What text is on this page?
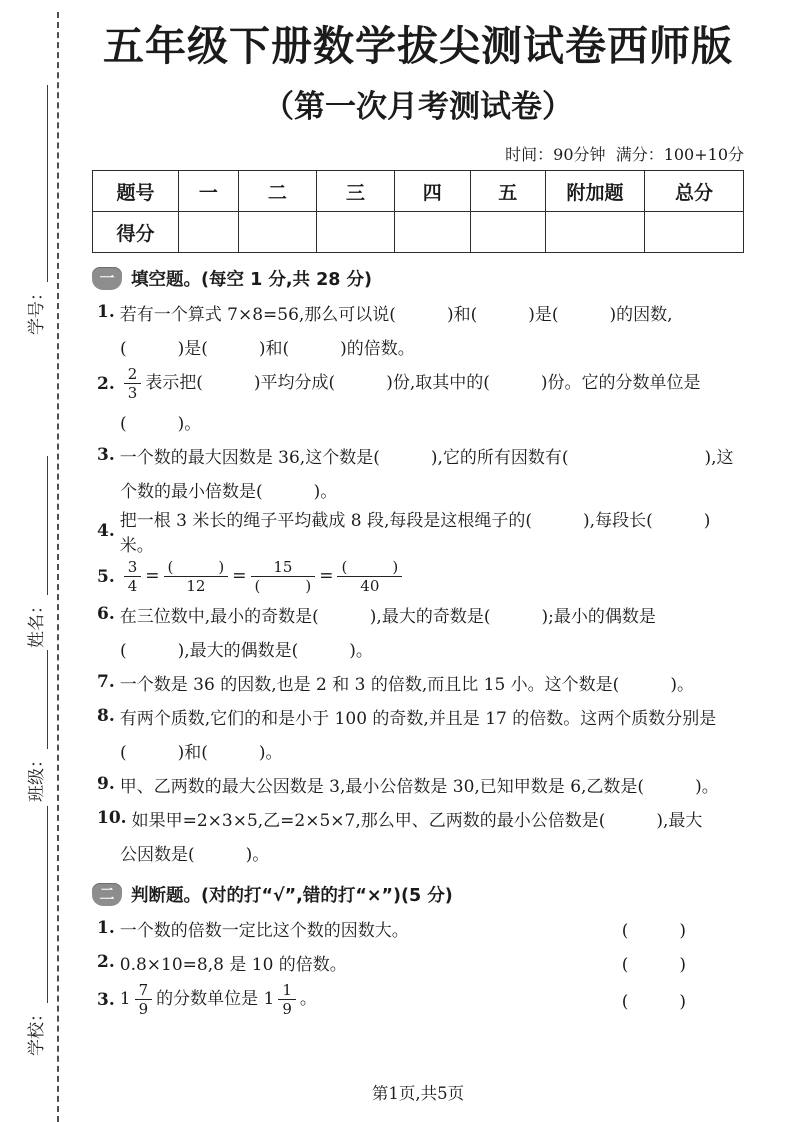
学号：
姓名：
班级：
学校：
五年级下册数学拔尖测试卷西师版
（第一次月考测试卷）
时间：90分钟  满分：100+10分
题号	一	二	三	四	五	附加题	总分
得分							
一 填空题。(每空 1 分,共 28 分)
1. 若有一个算式 7×8=56,那么可以说(　　　)和(　　　)是(　　　)的因数,
(　　　)是(　　　)和(　　　)的倍数。
2. $\frac{2}{3}$ 表示把(　　　)平均分成(　　　)份,取其中的(　　　)份。它的分数单位是
(　　　)。
3. 一个数的最大因数是 36,这个数是(　　　),它的所有因数有(　　　　　　　　),这
个数的最小倍数是(　　　)。
4. 把一根 3 米长的绳子平均截成 8 段,每段是这根绳子的(　　　),每段长(　　　)米。
5. $\frac{3}{4} = \frac{( )}{12} = \frac{15}{( )} = \frac{( )}{40}$
6. 在三位数中,最小的奇数是(　　　),最大的奇数是(　　　);最小的偶数是
(　　　),最大的偶数是(　　　)。
7. 一个数是 36 的因数,也是 2 和 3 的倍数,而且比 15 小。这个数是(　　　)。
8. 有两个质数,它们的和是小于 100 的奇数,并且是 17 的倍数。这两个质数分别是
(　　　)和(　　　)。
9. 甲、乙两数的最大公因数是 3,最小公倍数是 30,已知甲数是 6,乙数是(　　　)。
10. 如果甲=2×3×5,乙=2×5×7,那么甲、乙两数的最小公倍数是(　　　),最大
公因数是(　　　)。
二 判断题。(对的打“√”,错的打“×”)(5 分)
1. 一个数的倍数一定比这个数的因数大。	(　　　)
2. 0.8×10=8,8 是 10 的倍数。	(　　　)
3. $1 \frac{7}{9}$ 的分数单位是 $1 \frac{1}{9}$ 。	(　　　)
第1页,共5页
